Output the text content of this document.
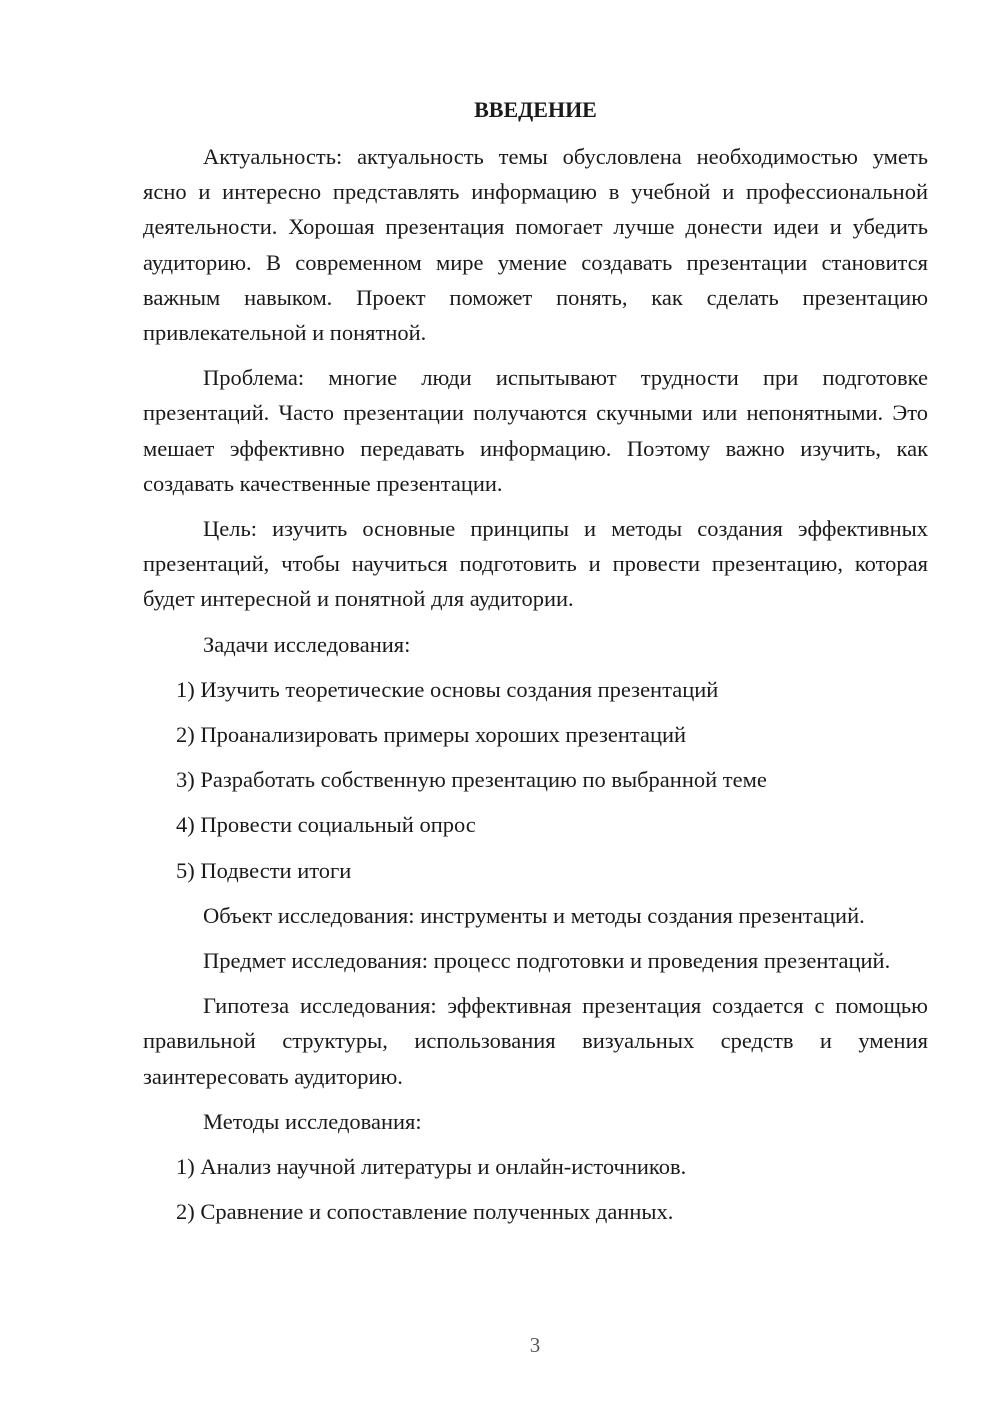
ВВЕДЕНИЕ

Актуальность: актуальность темы обусловлена необходимостью уметь ясно и интересно представлять информацию в учебной и профессиональной деятельности. Хорошая презентация помогает лучше донести идеи и убедить аудиторию. В современном мире умение создавать презентации становится важным навыком. Проект поможет понять, как сделать презентацию привлекательной и понятной.

Проблема: многие люди испытывают трудности при подготовке презентаций. Часто презентации получаются скучными или непонятными. Это мешает эффективно передавать информацию. Поэтому важно изучить, как создавать качественные презентации.

Цель: изучить основные принципы и методы создания эффективных презентаций, чтобы научиться подготовить и провести презентацию, которая будет интересной и понятной для аудитории.

Задачи исследования:

1) Изучить теоретические основы создания презентаций

2) Проанализировать примеры хороших презентаций

3) Разработать собственную презентацию по выбранной теме

4) Провести социальный опрос

5) Подвести итоги

Объект исследования: инструменты и методы создания презентаций.

Предмет исследования: процесс подготовки и проведения презентаций.

Гипотеза исследования: эффективная презентация создается с помощью правильной структуры, использования визуальных средств и умения заинтересовать аудиторию.

Методы исследования:

1) Анализ научной литературы и онлайн-источников.

2) Сравнение и сопоставление полученных данных.

3
